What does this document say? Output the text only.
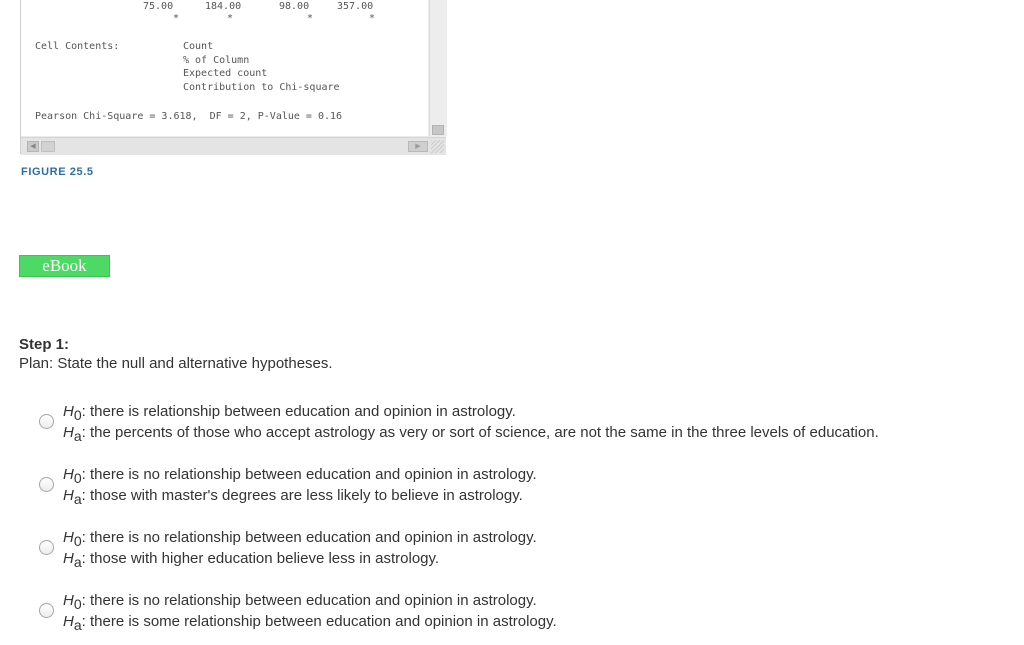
75.00	184.00	98.00	357.00
*	*	*	*
Cell Contents:	Count
% of Column
Expected count
Contribution to Chi-square
Pearson Chi-Square = 3.618,  DF = 2, P-Value = 0.16
◀	▶
FIGURE 25.5
eBook
Step 1:
Plan: State the null and alternative hypotheses.
H0: there is relationship between education and opinion in astrology.
Ha: the percents of those who accept astrology as very or sort of science, are not the same in the three levels of education.
H0: there is no relationship between education and opinion in astrology.
Ha: those with master's degrees are less likely to believe in astrology.
H0: there is no relationship between education and opinion in astrology.
Ha: those with higher education believe less in astrology.
H0: there is no relationship between education and opinion in astrology.
Ha: there is some relationship between education and opinion in astrology.
